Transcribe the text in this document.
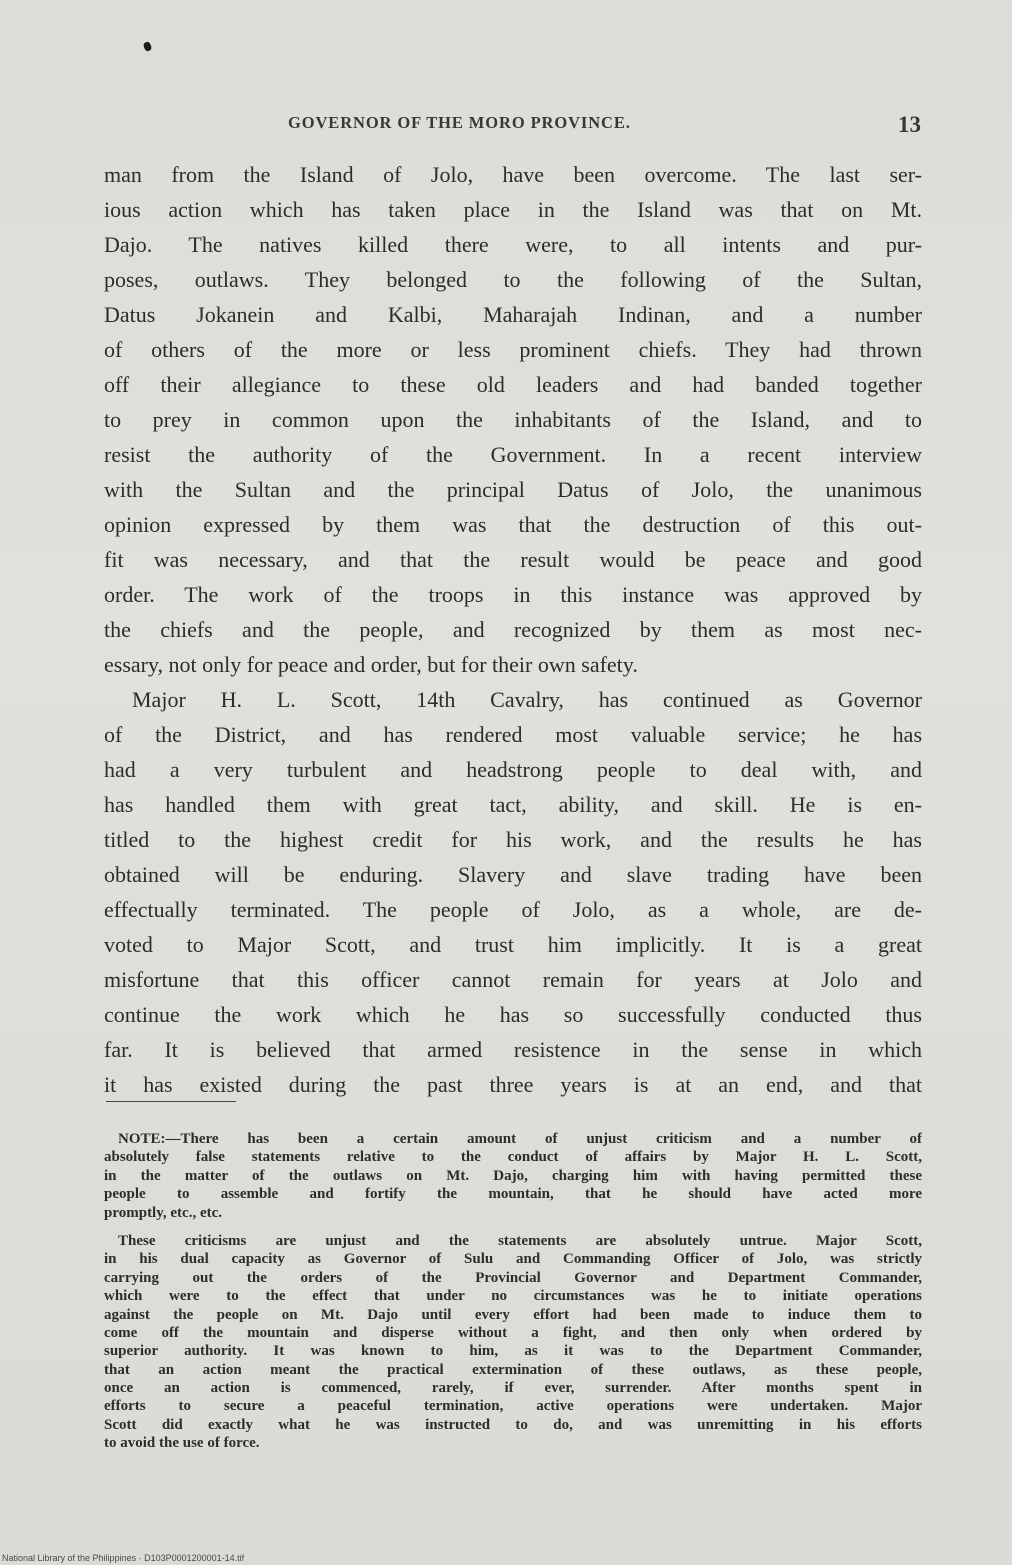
GOVERNOR OF THE MORO PROVINCE.	13
man from the Island of Jolo, have been overcome. The last ser-
ious action which has taken place in the Island was that on Mt.
Dajo. The natives killed there were, to all intents and pur-
poses, outlaws. They belonged to the following of the Sultan,
Datus Jokanein and Kalbi, Maharajah Indinan, and a number
of others of the more or less prominent chiefs. They had thrown
off their allegiance to these old leaders and had banded together
to prey in common upon the inhabitants of the Island, and to
resist the authority of the Government. In a recent interview
with the Sultan and the principal Datus of Jolo, the unanimous
opinion expressed by them was that the destruction of this out-
fit was necessary, and that the result would be peace and good
order. The work of the troops in this instance was approved by
the chiefs and the people, and recognized by them as most nec-
essary, not only for peace and order, but for their own safety.
Major H. L. Scott, 14th Cavalry, has continued as Governor
of the District, and has rendered most valuable service; he has
had a very turbulent and headstrong people to deal with, and
has handled them with great tact, ability, and skill. He is en-
titled to the highest credit for his work, and the results he has
obtained will be enduring. Slavery and slave trading have been
effectually terminated. The people of Jolo, as a whole, are de-
voted to Major Scott, and trust him implicitly. It is a great
misfortune that this officer cannot remain for years at Jolo and
continue the work which he has so successfully conducted thus
far. It is believed that armed resistence in the sense in which
it has existed during the past three years is at an end, and that
NOTE:—There has been a certain amount of unjust criticism and a number of
absolutely false statements relative to the conduct of affairs by Major H. L. Scott,
in the matter of the outlaws on Mt. Dajo, charging him with having permitted these
people to assemble and fortify the mountain, that he should have acted more
promptly, etc., etc.
These criticisms are unjust and the statements are absolutely untrue. Major Scott,
in his dual capacity as Governor of Sulu and Commanding Officer of Jolo, was strictly
carrying out the orders of the Provincial Governor and Department Commander,
which were to the effect that under no circumstances was he to initiate operations
against the people on Mt. Dajo until every effort had been made to induce them to
come off the mountain and disperse without a fight, and then only when ordered by
superior authority. It was known to him, as it was to the Department Commander,
that an action meant the practical extermination of these outlaws, as these people,
once an action is commenced, rarely, if ever, surrender. After months spent in
efforts to secure a peaceful termination, active operations were undertaken. Major
Scott did exactly what he was instructed to do, and was unremitting in his efforts
to avoid the use of force.
National Library of the Philippines · D103P0001200001-14.tif
